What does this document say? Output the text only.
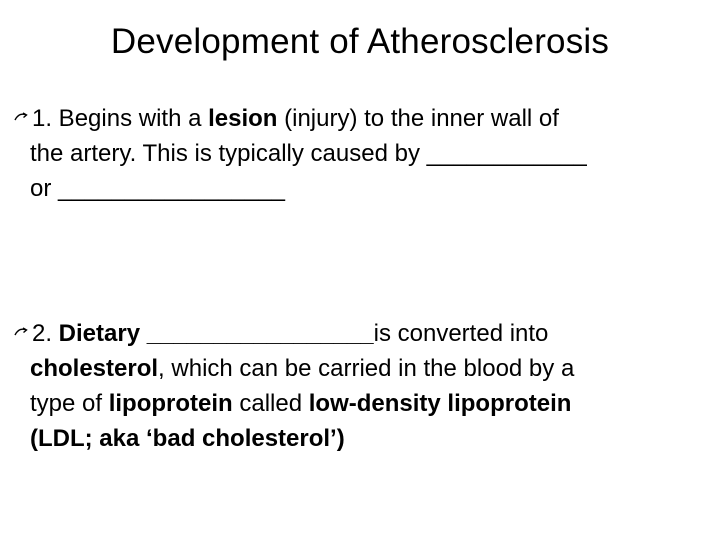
Development of Atherosclerosis
1. Begins with a lesion (injury) to the inner wall of
the artery. This is typically caused by ____________
or _________________
2. Dietary _________________is converted into
cholesterol, which can be carried in the blood by a
type of lipoprotein called low-density lipoprotein
(LDL; aka ‘bad cholesterol’)
